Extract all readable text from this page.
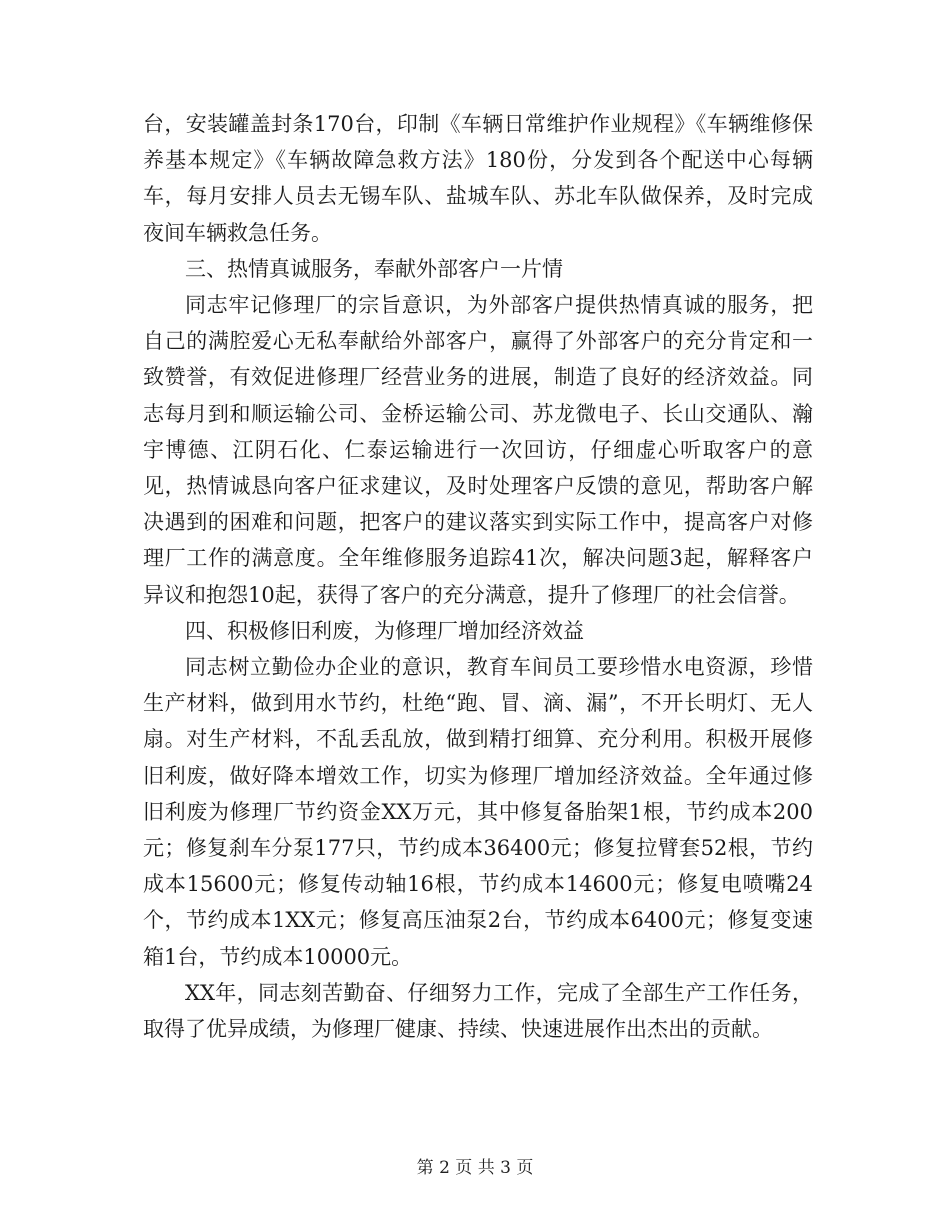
台，安装罐盖封条170台，印制《车辆日常维护作业规程》《车辆维修保养基本规定》《车辆故障急救方法》180份，分发到各个配送中心每辆车，每月安排人员去无锡车队、盐城车队、苏北车队做保养，及时完成夜间车辆救急任务。

三、热情真诚服务，奉献外部客户一片情

同志牢记修理厂的宗旨意识，为外部客户提供热情真诚的服务，把自己的满腔爱心无私奉献给外部客户，赢得了外部客户的充分肯定和一致赞誉，有效促进修理厂经营业务的进展，制造了良好的经济效益。同志每月到和顺运输公司、金桥运输公司、苏龙微电子、长山交通队、瀚宇博德、江阴石化、仁泰运输进行一次回访，仔细虚心听取客户的意见，热情诚恳向客户征求建议，及时处理客户反馈的意见，帮助客户解决遇到的困难和问题，把客户的建议落实到实际工作中，提高客户对修理厂工作的满意度。全年维修服务追踪41次，解决问题3起，解释客户异议和抱怨10起，获得了客户的充分满意，提升了修理厂的社会信誉。

四、积极修旧利废，为修理厂增加经济效益

同志树立勤俭办企业的意识，教育车间员工要珍惜水电资源，珍惜生产材料，做到用水节约，杜绝“跑、冒、滴、漏”，不开长明灯、无人扇。对生产材料，不乱丢乱放，做到精打细算、充分利用。积极开展修旧利废，做好降本增效工作，切实为修理厂增加经济效益。全年通过修旧利废为修理厂节约资金XX万元，其中修复备胎架1根，节约成本200元；修复刹车分泵177只，节约成本36400元；修复拉臂套52根，节约成本15600元；修复传动轴16根，节约成本14600元；修复电喷嘴24个，节约成本1XX元；修复高压油泵2台，节约成本6400元；修复变速箱1台，节约成本10000元。

XX年，同志刻苦勤奋、仔细努力工作，完成了全部生产工作任务，取得了优异成绩，为修理厂健康、持续、快速进展作出杰出的贡献。

第 2 页 共 3 页
